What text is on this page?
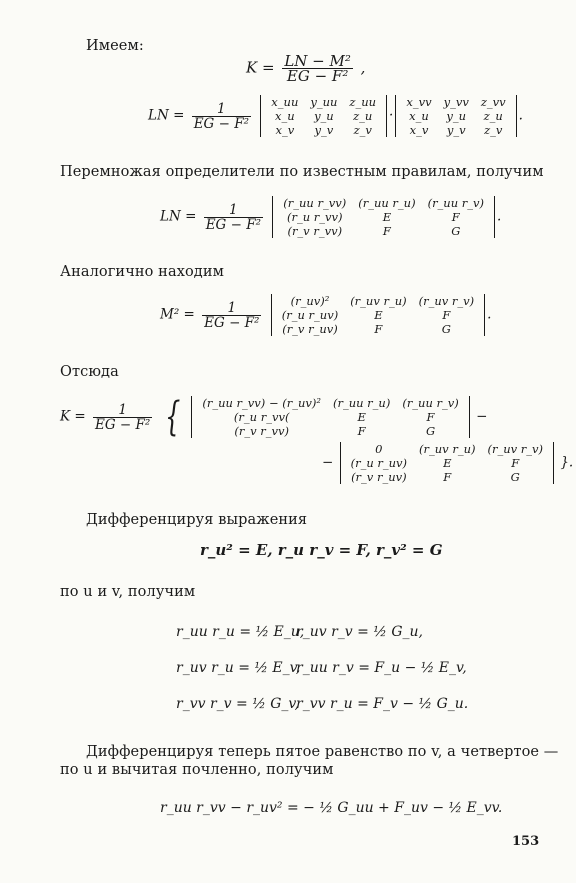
Имеем:
$K = \frac{\text{LN − M²}}{\text{EG − F²}}$ ,
LN = $\frac{1}{\text{EG − F²}}$
x_uu	y_uu	z_uu
x_u	y_u	z_u
x_v	y_v	z_v
·
x_vv	y_vv	z_vv
x_u	y_u	z_u
x_v	y_v	z_v
.
Перемножая определители по известным правилам, получим
LN = $\frac{1}{\text{EG − F²}}$
(r_uu r_vv)	(r_uu r_u)	(r_uu r_v)
(r_u r_vv)	E	F
(r_v r_vv)	F	G
.
Аналогично находим
$M^2 = \frac{1}{\text{EG − F²}}$
	(r_uv)²	(r_uv r_u)	(r_uv r_v)
(r_u r_uv)	E	F
(r_v r_uv)	F	G
.
Отсюда
$K = \frac{1}{\text{EG − F²}}$ { (r_uu r_vv) − (r_uv)²	(r_uu r_u)	(r_uu r_v)
(r_u r_vv(	E	F
(r_v r_vv)	F	G
−
−
0	(r_uv r_u)	(r_uv r_v)
(r_u r_uv)	E	F
(r_v r_uv)	F	G
}.
Дифференцируя выражения
r_u² = E, r_u r_v = F, r_v² = G
по u и v, получим
r_uu r_u = ½ E_u,
r_uv r_v = ½ G_u,
r_uv r_u = ½ E_v,
r_uu r_v = F_u − ½ E_v,
r_vv r_v = ½ G_v,
r_vv r_u = F_v − ½ G_u.
Дифференцируя теперь пятое равенство по v, а четвертое —
по u и вычитая почленно, получим
r_uu r_vv − r_uv² = − ½ G_uu + F_uv − ½ E_vv.
153
